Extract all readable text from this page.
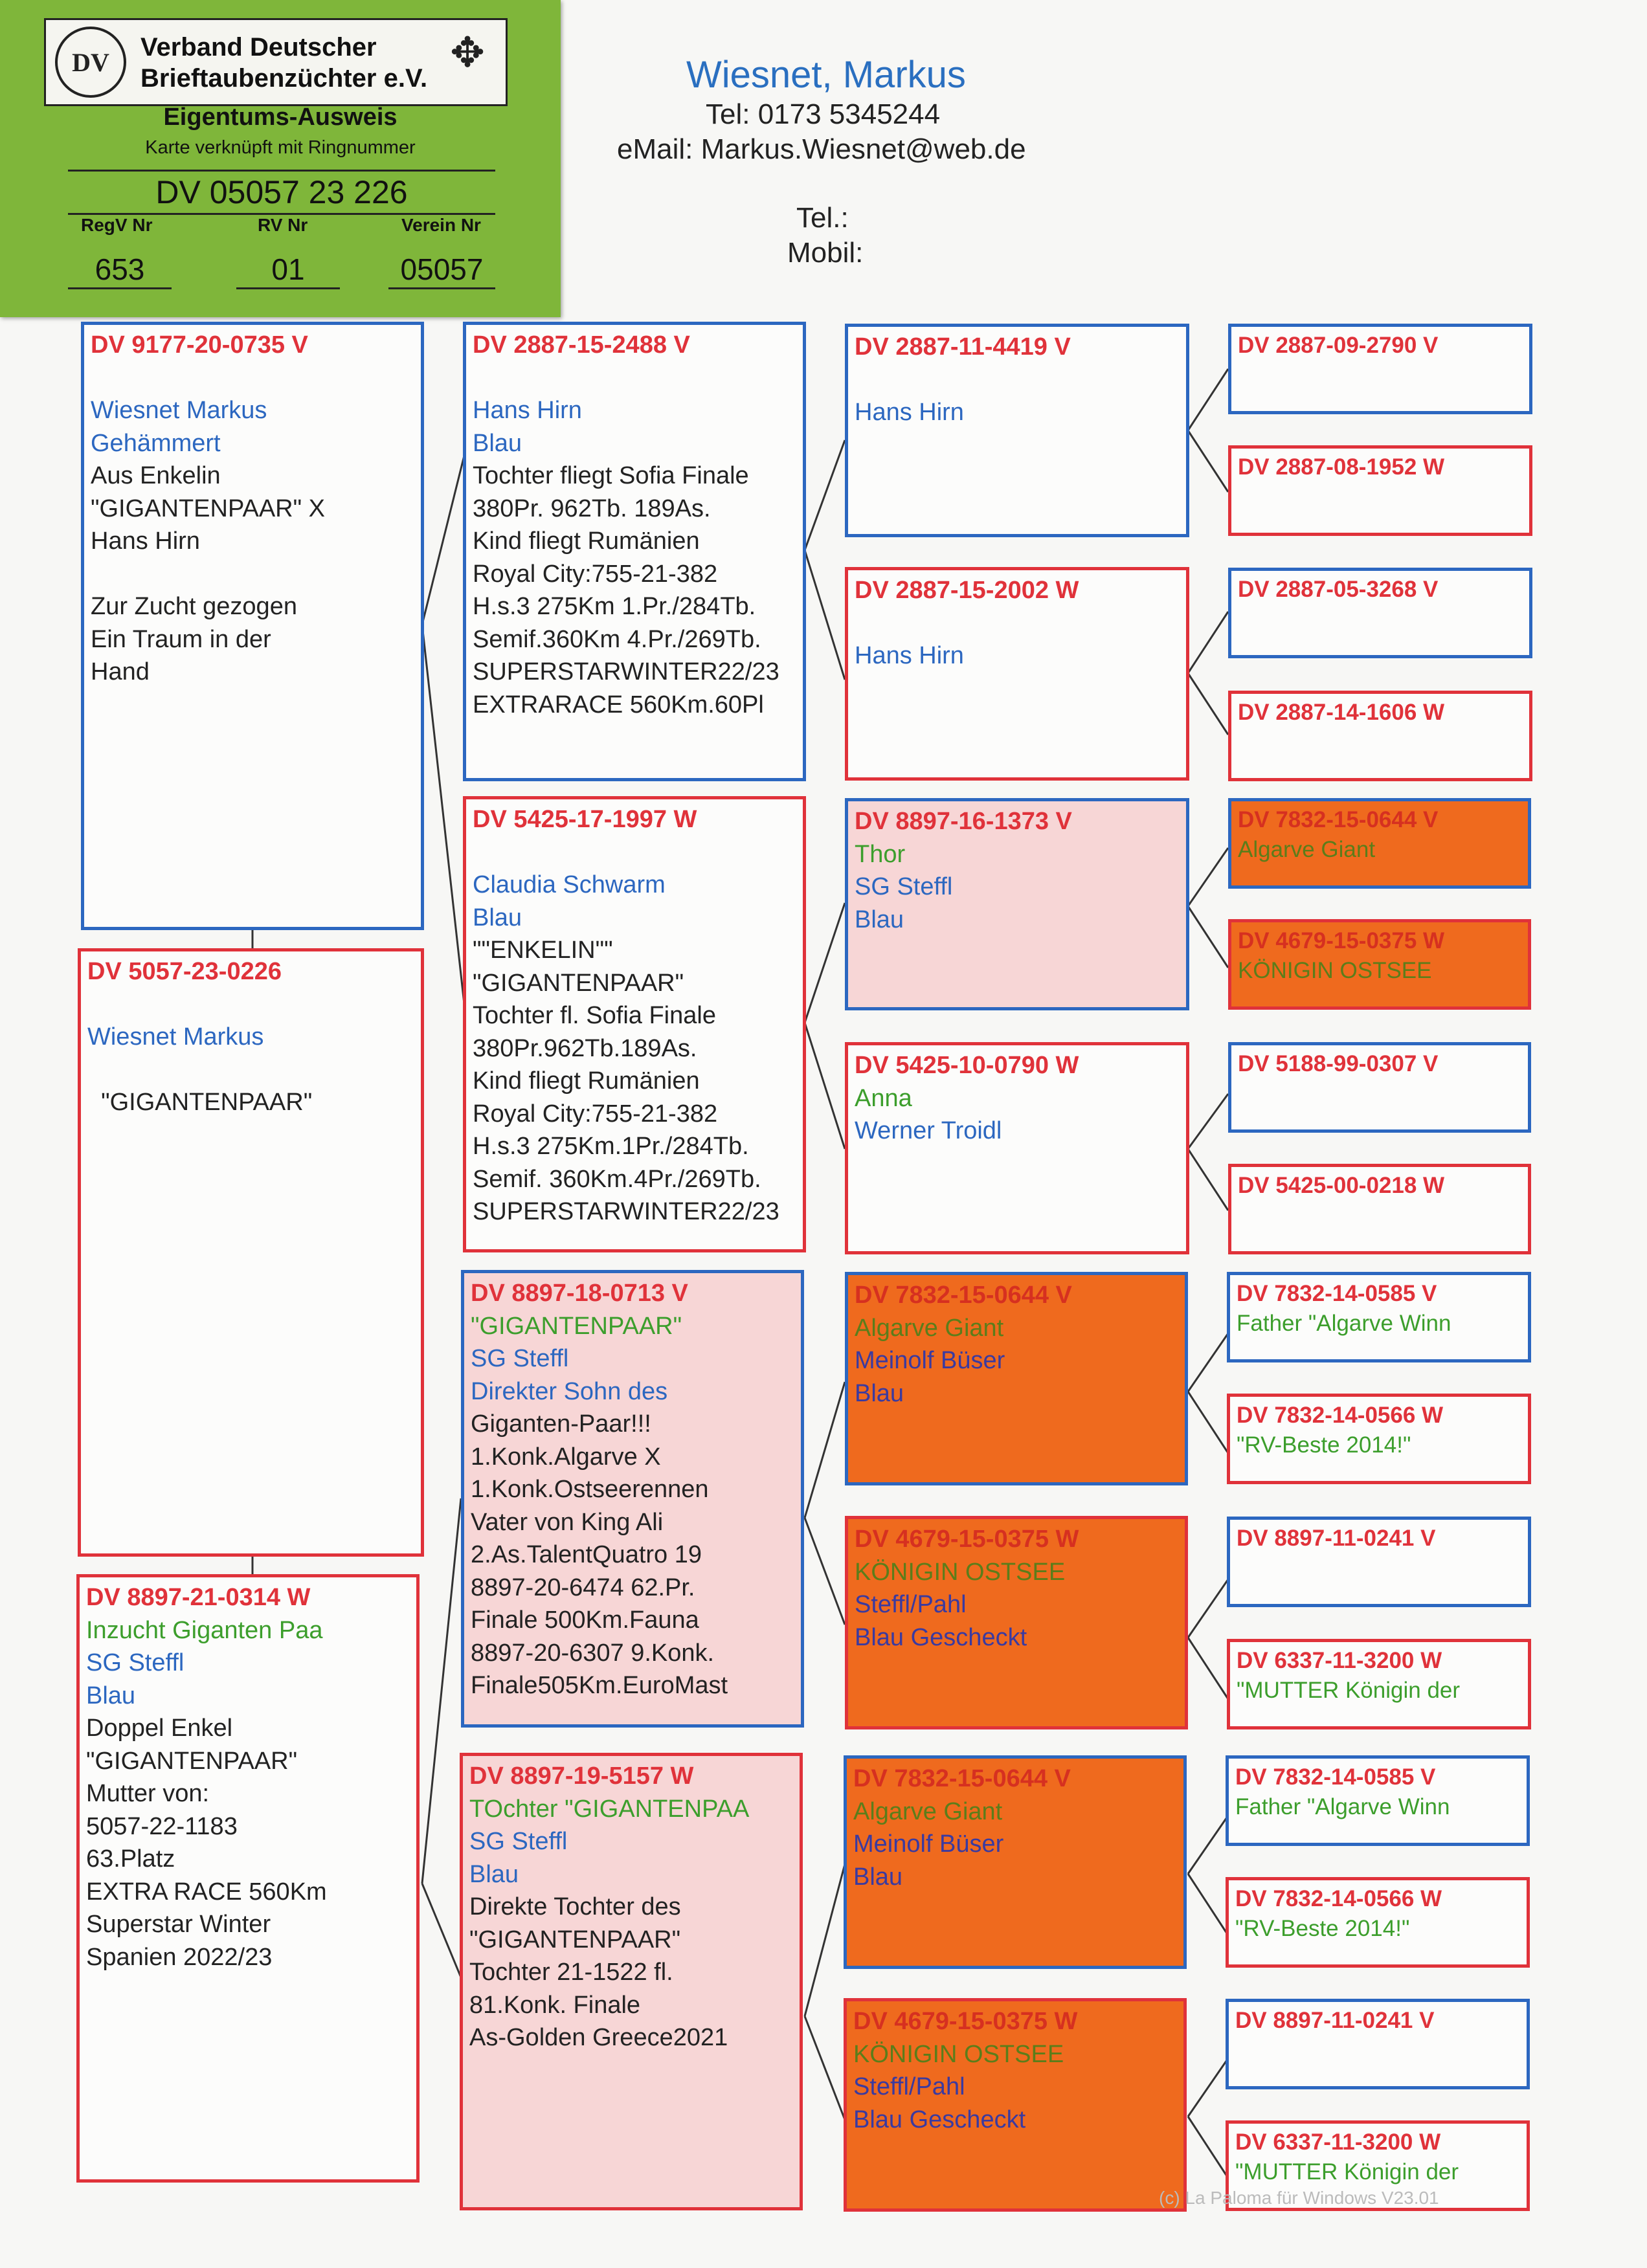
DV
Verband Deutscher
Brieftaubenzüchter e.V.
✥
Eigentums-Ausweis
Karte verknüpft mit Ringnummer
DV 05057 23 226
RegV Nr	RV Nr	Verein Nr
653	01	05057
Wiesnet, Markus
Tel: 0173 5345244
eMail: Markus.Wiesnet@web.de
Tel.:
Mobil:
DV 9177-20-0735 V
Wiesnet Markus
Gehämmert
Aus Enkelin
"GIGANTENPAAR" X
Hans Hirn
Zur Zucht gezogen
Ein Traum in der
Hand
DV 5057-23-0226
Wiesnet Markus
"GIGANTENPAAR"
DV 8897-21-0314 W
Inzucht Giganten Paa
SG Steffl
Blau
Doppel Enkel
"GIGANTENPAAR"
Mutter von:
5057-22-1183
63.Platz
EXTRA RACE 560Km
Superstar Winter
Spanien 2022/23
DV 2887-15-2488 V
Hans Hirn
Blau
Tochter fliegt Sofia Finale
380Pr. 962Tb. 189As.
Kind fliegt Rumänien
Royal City:755-21-382
H.s.3 275Km 1.Pr./284Tb.
Semif.360Km 4.Pr./269Tb.
SUPERSTARWINTER22/23
EXTRARACE 560Km.60Pl
DV 5425-17-1997 W
Claudia Schwarm
Blau
""ENKELIN""
"GIGANTENPAAR"
Tochter fl. Sofia Finale
380Pr.962Tb.189As.
Kind fliegt Rumänien
Royal City:755-21-382
H.s.3 275Km.1Pr./284Tb.
Semif. 360Km.4Pr./269Tb.
SUPERSTARWINTER22/23
DV 8897-18-0713 V
"GIGANTENPAAR"
SG Steffl
Direkter Sohn des
Giganten-Paar!!!
1.Konk.Algarve X
1.Konk.Ostseerennen
Vater von King Ali
2.As.TalentQuatro 19
8897-20-6474 62.Pr.
Finale 500Km.Fauna
8897-20-6307 9.Konk.
Finale505Km.EuroMast
DV 8897-19-5157 W
TOchter "GIGANTENPAA
SG Steffl
Blau
Direkte Tochter des
"GIGANTENPAAR"
Tochter 21-1522 fl.
81.Konk. Finale
As-Golden Greece2021
DV 2887-11-4419 V
Hans Hirn
DV 2887-15-2002 W
Hans Hirn
DV 8897-16-1373 V
Thor
SG Steffl
Blau
DV 5425-10-0790 W
Anna
Werner Troidl
DV 7832-15-0644 V
Algarve Giant
Meinolf Büser
Blau
DV 4679-15-0375 W
KÖNIGIN OSTSEE
Steffl/Pahl
Blau Gescheckt
DV 7832-15-0644 V
Algarve Giant
Meinolf Büser
Blau
DV 4679-15-0375 W
KÖNIGIN OSTSEE
Steffl/Pahl
Blau Gescheckt
DV 2887-09-2790 V
DV 2887-08-1952 W
DV 2887-05-3268 V
DV 2887-14-1606 W
DV 7832-15-0644 V
Algarve Giant
DV 4679-15-0375 W
KÖNIGIN OSTSEE
DV 5188-99-0307 V
DV 5425-00-0218 W
DV 7832-14-0585 V
Father "Algarve Winn
DV 7832-14-0566 W
"RV-Beste 2014!"
DV 8897-11-0241 V
DV 6337-11-3200 W
"MUTTER Königin der
DV 7832-14-0585 V
Father "Algarve Winn
DV 7832-14-0566 W
"RV-Beste 2014!"
DV 8897-11-0241 V
DV 6337-11-3200 W
"MUTTER Königin der
(c) La Paloma für Windows V23.01
